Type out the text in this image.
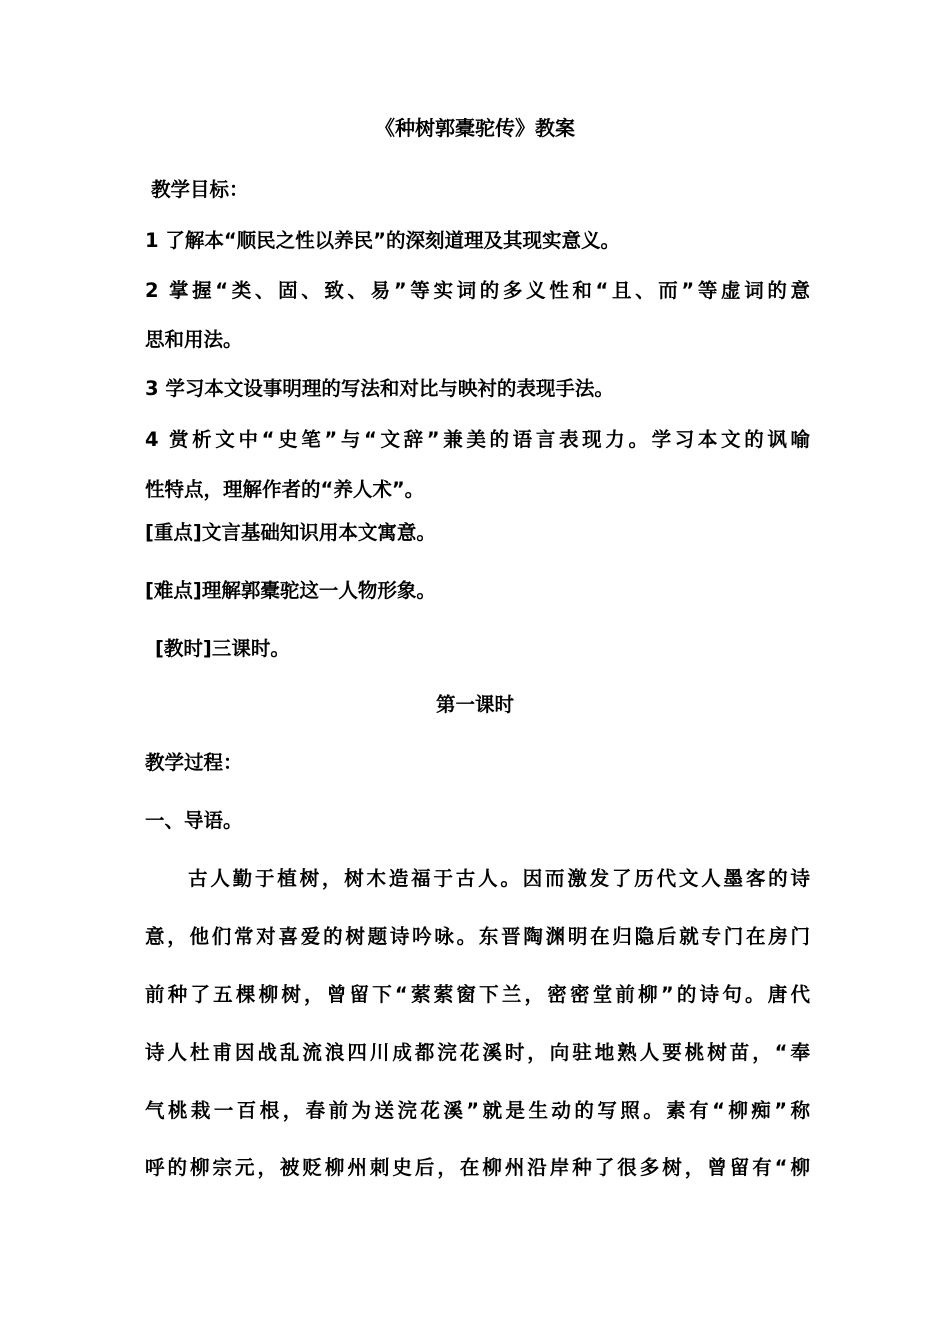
《种树郭橐驼传》教案
教学目标：
1 了解本“顺民之性以养民”的深刻道理及其现实意义。
2 掌握“类、固、致、易”等实词的多义性和“且、而”等虚词的意
思和用法。
3 学习本文设事明理的写法和对比与映衬的表现手法。
4 赏析文中“史笔”与“文辞”兼美的语言表现力。学习本文的讽喻
性特点，理解作者的“养人术”。
[重点]文言基础知识用本文寓意。
[难点]理解郭橐驼这一人物形象。
[教时]三课时。
第一课时
教学过程：
一、导语。
古人勤于植树，树木造福于古人。因而激发了历代文人墨客的诗
意，他们常对喜爱的树题诗吟咏。东晋陶渊明在归隐后就专门在房门
前种了五棵柳树，曾留下“萦萦窗下兰，密密堂前柳”的诗句。唐代
诗人杜甫因战乱流浪四川成都浣花溪时，向驻地熟人要桃树苗，“奉
气桃栽一百根，春前为送浣花溪”就是生动的写照。素有“柳痴”称
呼的柳宗元，被贬柳州刺史后，在柳州沿岸种了很多树，曾留有“柳
